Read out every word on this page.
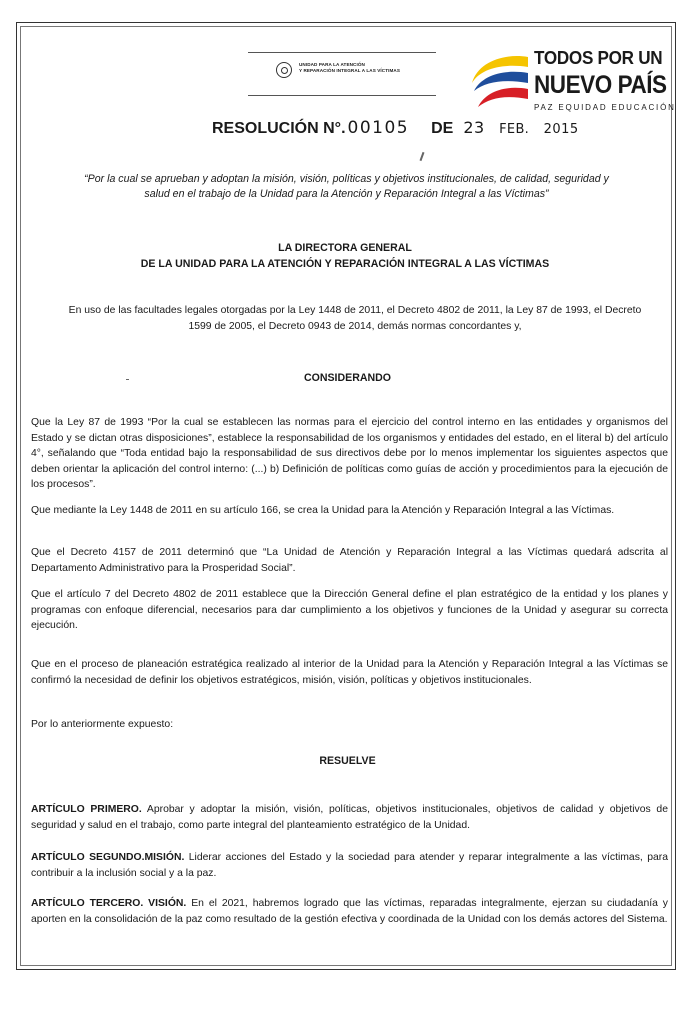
UNIDAD PARA LA ATENCIÓN
Y REPARACIÓN INTEGRAL A LAS VÍCTIMAS
TODOS POR UN
NUEVO PAÍS
PAZ EQUIDAD EDUCACIÓN
RESOLUCIÓN N°. 00105 DE 23 FEB. 2015
“Por la cual se aprueban y adoptan la misión, visión, políticas y objetivos institucionales, de calidad, seguridad y salud en el trabajo de la Unidad para la Atención y Reparación Integral a las Víctimas”
LA DIRECTORA GENERAL
DE LA UNIDAD PARA LA ATENCIÓN Y REPARACIÓN INTEGRAL A LAS VÍCTIMAS
En uso de las facultades legales otorgadas por la Ley 1448 de 2011, el Decreto 4802 de 2011, la Ley 87 de 1993, el Decreto 1599 de 2005, el Decreto 0943 de 2014, demás normas concordantes y,
CONSIDERANDO
Que la Ley 87 de 1993 “Por la cual se establecen las normas para el ejercicio del control interno en las entidades y organismos del Estado y se dictan otras disposiciones”, establece la responsabilidad de los organismos y entidades del estado, en el literal b) del artículo 4°, señalando que “Toda entidad bajo la responsabilidad de sus directivos debe por lo menos implementar los siguientes aspectos que deben orientar la aplicación del control interno: (...) b) Definición de políticas como guías de acción y procedimientos para la ejecución de los procesos”.
Que mediante la Ley 1448 de 2011 en su artículo 166, se crea la Unidad para la Atención y Reparación Integral a las Víctimas.
Que el Decreto 4157 de 2011 determinó que “La Unidad de Atención y Reparación Integral a las Víctimas quedará adscrita al Departamento Administrativo para la Prosperidad Social”.
Que el artículo 7 del Decreto 4802 de 2011 establece que la Dirección General define el plan estratégico de la entidad y los planes y programas con enfoque diferencial, necesarios para dar cumplimiento a los objetivos y funciones de la Unidad y asegurar su correcta ejecución.
Que en el proceso de planeación estratégica realizado al interior de la Unidad para la Atención y Reparación Integral a las Víctimas se confirmó la necesidad de definir los objetivos estratégicos, misión, visión, políticas y objetivos institucionales.
Por lo anteriormente expuesto:
RESUELVE
ARTÍCULO PRIMERO. Aprobar y adoptar la misión, visión, políticas, objetivos institucionales, objetivos de calidad y objetivos de seguridad y salud en el trabajo, como parte integral del planteamiento estratégico de la Unidad.
ARTÍCULO SEGUNDO.MISIÓN. Liderar acciones del Estado y la sociedad para atender y reparar integralmente a las víctimas, para contribuir a la inclusión social y a la paz.
ARTÍCULO TERCERO. VISIÓN. En el 2021, habremos logrado que las víctimas, reparadas integralmente, ejerzan su ciudadanía y aporten en la consolidación de la paz como resultado de la gestión efectiva y coordinada de la Unidad con los demás actores del Sistema.
